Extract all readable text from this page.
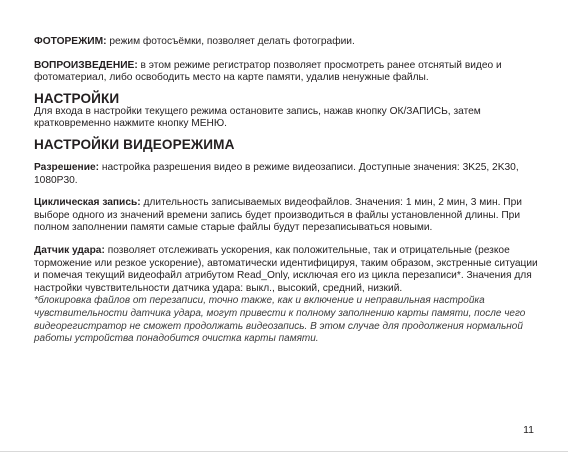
ФОТОРЕЖИМ: режим фотосъёмки, позволяет делать фотографии.

ВОПРОИЗВЕДЕНИЕ: в этом режиме регистратор позволяет просмотреть ранее отснятый видео и фотоматериал, либо освободить место на карте памяти, удалив ненужные файлы.

НАСТРОЙКИ

Для входа в настройки текущего режима остановите запись, нажав кнопку ОК/ЗАПИСЬ, затем кратковременно нажмите кнопку МЕНЮ.

НАСТРОЙКИ ВИДЕОРЕЖИМА

Разрешение: настройка разрешения видео в режиме видеозаписи. Доступные значения: 3K25, 2K30, 1080P30.

Циклическая запись: длительность записываемых видеофайлов. Значения: 1 мин, 2 мин, 3 мин. При выборе одного из значений времени запись будет производиться в файлы установленной длины. При полном заполнении памяти самые старые файлы будут перезаписываться новыми.

Датчик удара: позволяет отслеживать ускорения, как положительные, так и отрицательные (резкое торможение или резкое ускорение), автоматически идентифицируя, таким образом, экстренные ситуации и помечая текущий видеофайл атрибутом Read_Only, исключая его из цикла перезаписи*. Значения для настройки чувствительности датчика удара: выкл., высокий, средний, низкий.

*блокировка файлов от перезаписи, точно также, как и включение и неправильная настройка чувствительности датчика удара, могут привести к полному заполнению карты памяти, после чего видеорегистратор не сможет продолжать видеозапись. В этом случае для продолжения нормальной работы устройства понадобится очистка карты памяти.

11
